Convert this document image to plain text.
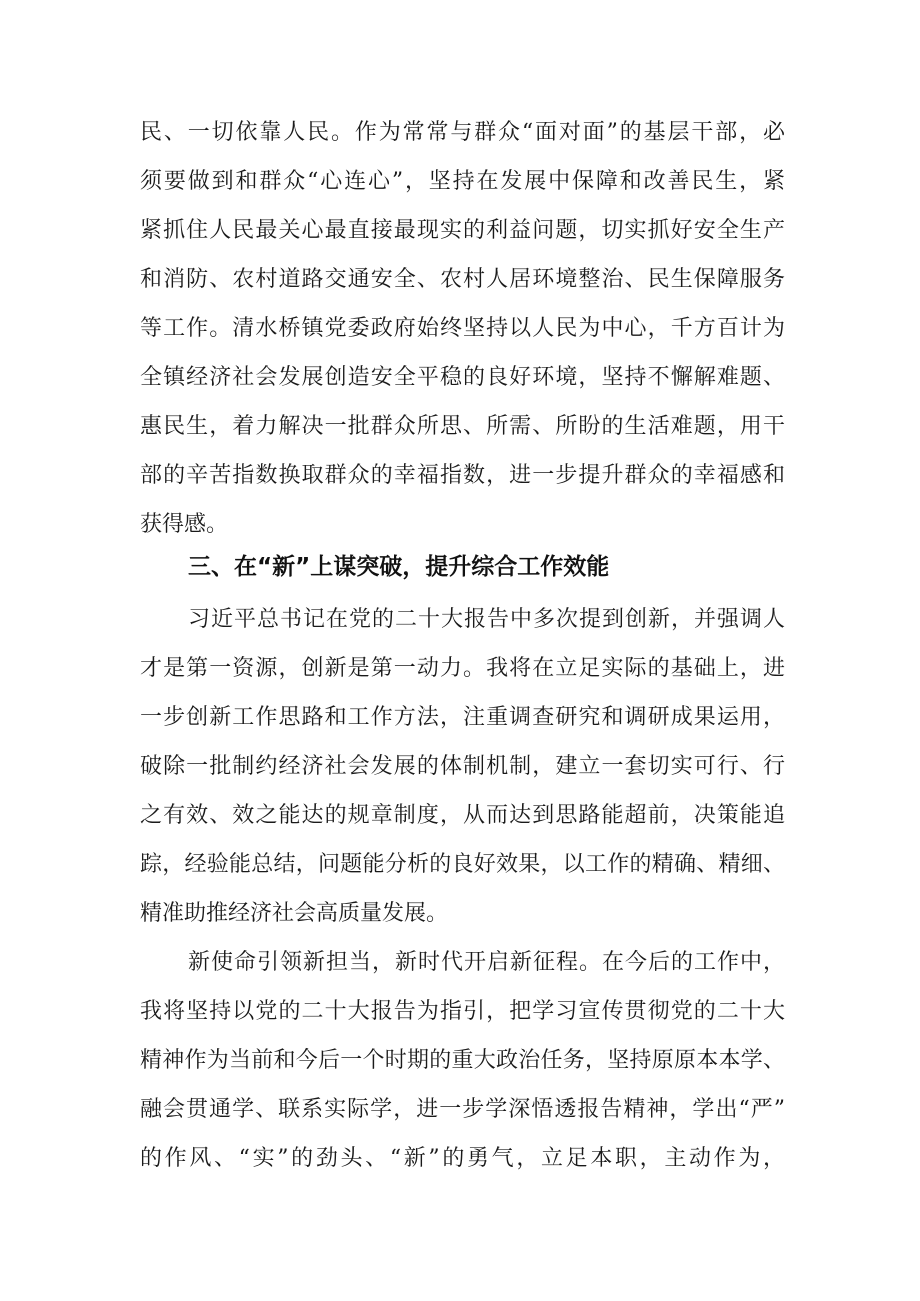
民、一切依靠人民。作为常常与群众“面对面”的基层干部，必
须要做到和群众“心连心”，坚持在发展中保障和改善民生，紧
紧抓住人民最关心最直接最现实的利益问题，切实抓好安全生产
和消防、农村道路交通安全、农村人居环境整治、民生保障服务
等工作。清水桥镇党委政府始终坚持以人民为中心，千方百计为
全镇经济社会发展创造安全平稳的良好环境，坚持不懈解难题、
惠民生，着力解决一批群众所思、所需、所盼的生活难题，用干
部的辛苦指数换取群众的幸福指数，进一步提升群众的幸福感和
获得感。
三、在“新”上谋突破，提升综合工作效能
习近平总书记在党的二十大报告中多次提到创新，并强调人
才是第一资源，创新是第一动力。我将在立足实际的基础上，进
一步创新工作思路和工作方法，注重调查研究和调研成果运用，
破除一批制约经济社会发展的体制机制，建立一套切实可行、行
之有效、效之能达的规章制度，从而达到思路能超前，决策能追
踪，经验能总结，问题能分析的良好效果，以工作的精确、精细、
精准助推经济社会高质量发展。
新使命引领新担当，新时代开启新征程。在今后的工作中，
我将坚持以党的二十大报告为指引，把学习宣传贯彻党的二十大
精神作为当前和今后一个时期的重大政治任务，坚持原原本本学、
融会贯通学、联系实际学，进一步学深悟透报告精神，学出“严”
的作风、“实”的劲头、“新”的勇气，立足本职，主动作为，
